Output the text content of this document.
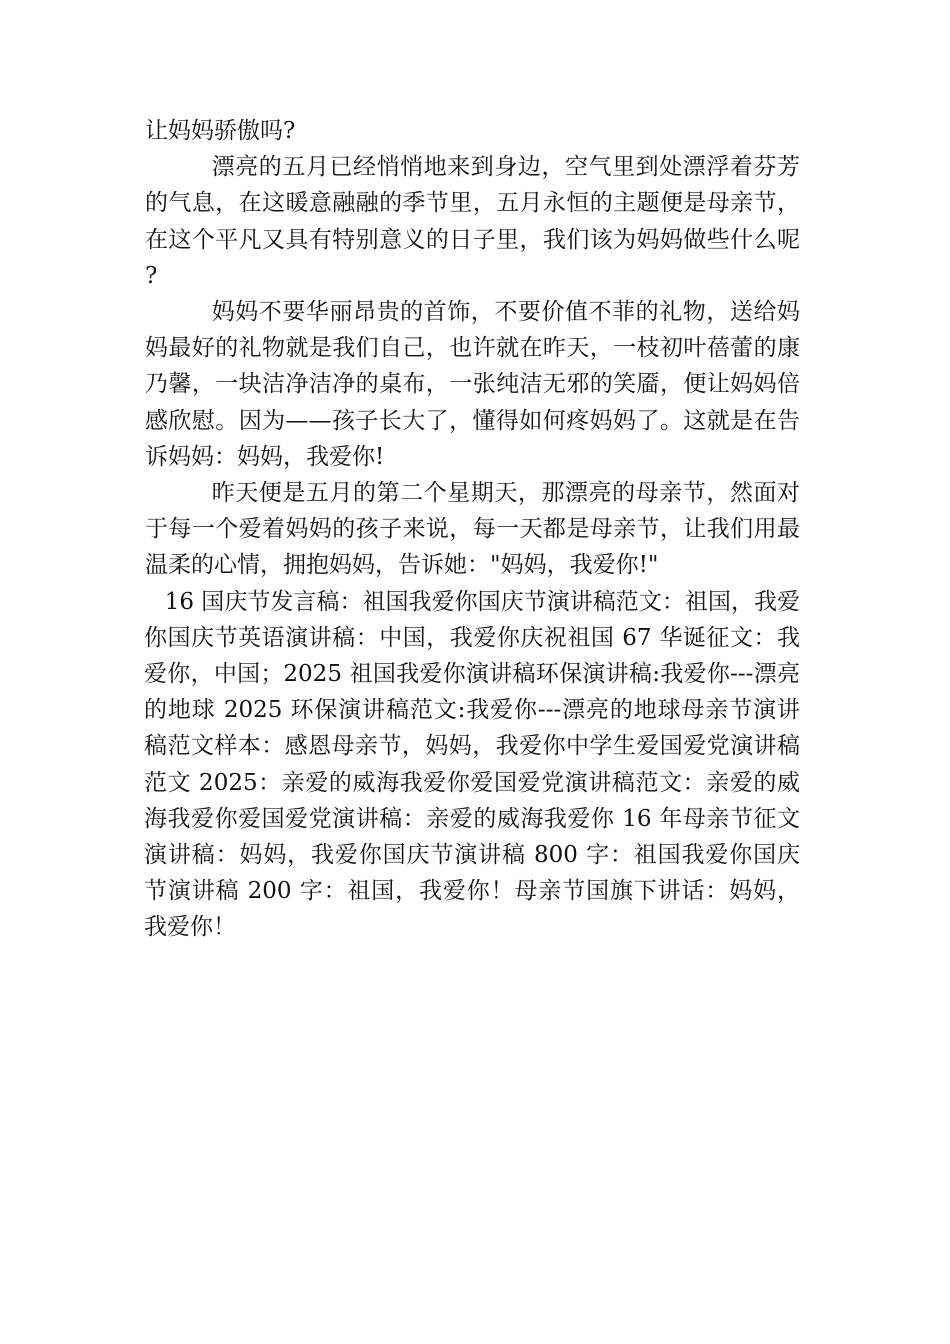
让妈妈骄傲吗?

漂亮的五月已经悄悄地来到身边，空气里到处漂浮着芬芳的气息，在这暖意融融的季节里，五月永恒的主题便是母亲节，在这个平凡又具有特别意义的日子里，我们该为妈妈做些什么呢?

妈妈不要华丽昂贵的首饰，不要价值不菲的礼物，送给妈妈最好的礼物就是我们自己，也许就在昨天，一枝初叶蓓蕾的康乃馨，一块洁净洁净的桌布，一张纯洁无邪的笑靥，便让妈妈倍感欣慰。因为——孩子长大了，懂得如何疼妈妈了。这就是在告诉妈妈：妈妈，我爱你!

昨天便是五月的第二个星期天，那漂亮的母亲节，然面对于每一个爱着妈妈的孩子来说，每一天都是母亲节，让我们用最温柔的心情，拥抱妈妈，告诉她："妈妈，我爱你!"

16 国庆节发言稿：祖国我爱你国庆节演讲稿范文：祖国，我爱你国庆节英语演讲稿：中国，我爱你庆祝祖国 67 华诞征文：我爱你，中国；2025 祖国我爱你演讲稿环保演讲稿:我爱你---漂亮的地球 2025 环保演讲稿范文:我爱你---漂亮的地球母亲节演讲稿范文样本：感恩母亲节，妈妈，我爱你中学生爱国爱党演讲稿范文 2025：亲爱的威海我爱你爱国爱党演讲稿范文：亲爱的威海我爱你爱国爱党演讲稿：亲爱的威海我爱你 16 年母亲节征文演讲稿：妈妈，我爱你国庆节演讲稿 800 字：祖国我爱你国庆节演讲稿 200 字：祖国，我爱你！母亲节国旗下讲话：妈妈，我爱你！
